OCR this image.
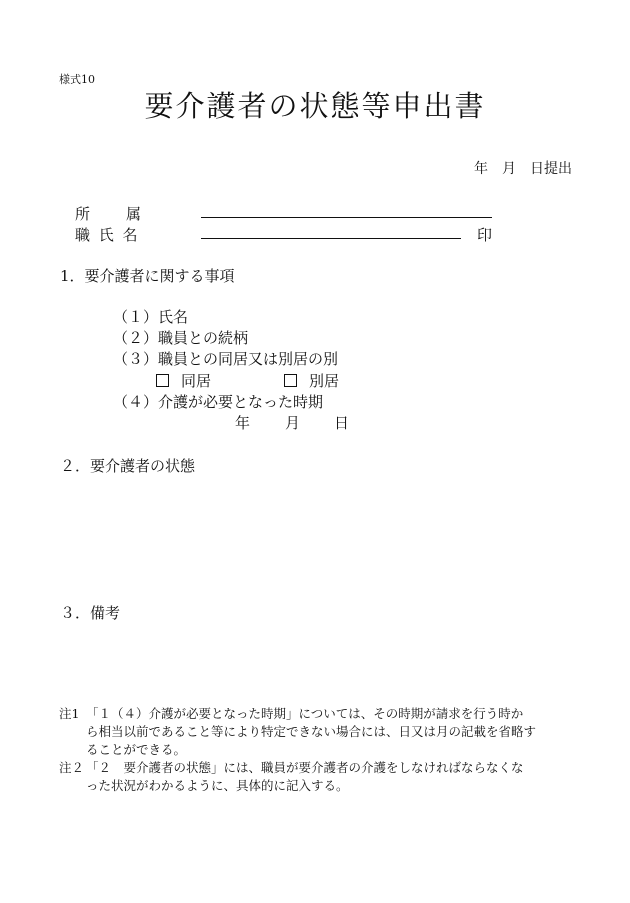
様式10
要介護者の状態等申出書
年　月　日提出
所　　属
職 氏 名	印
1．要介護者に関する事項
（１）氏名
（２）職員との続柄
（３）職員との同居又は別居の別
同居	別居
（４）介護が必要となった時期
年 月 日
２．要介護者の状態
３．備考
注1 「１（４）介護が必要となった時期」については、その時期が請求を行う時か
ら相当以前であること等により特定できない場合には、日又は月の記載を省略す
ることができる。
注２ 「２　要介護者の状態」には、職員が要介護者の介護をしなければならなくな
った状況がわかるように、具体的に記入する。
